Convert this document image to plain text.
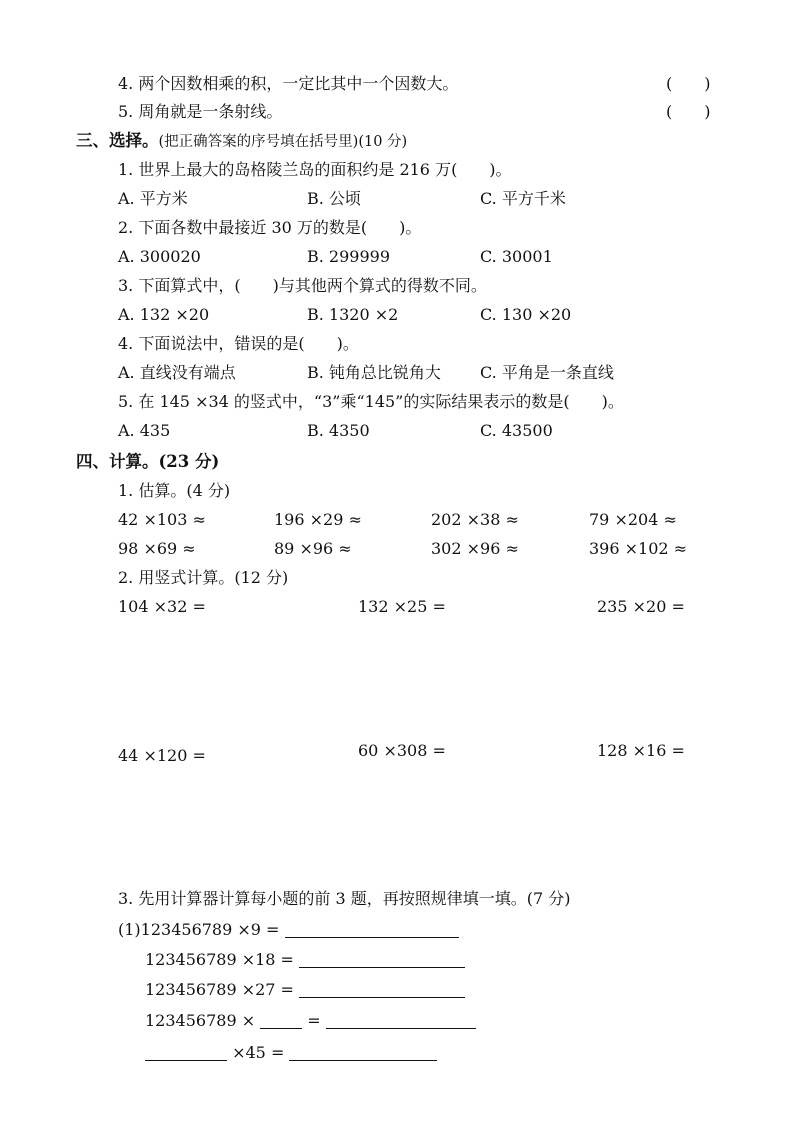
4. 两个因数相乘的积，一定比其中一个因数大。	(　　)
5. 周角就是一条射线。	(　　)
三、选择。(把正确答案的序号填在括号里)(10 分)
1. 世界上最大的岛格陵兰岛的面积约是 216 万(　　)。
A. 平方米	B. 公顷	C. 平方千米
2. 下面各数中最接近 30 万的数是(　　)。
A. 300020	B. 299999	C. 30001
3. 下面算式中，(　　)与其他两个算式的得数不同。
A. 132 ×20	B. 1320 ×2	C. 130 ×20
4. 下面说法中，错误的是(　　)。
A. 直线没有端点	B. 钝角总比锐角大 C. 平角是一条直线
5. 在 145 ×34 的竖式中，“3”乘“145”的实际结果表示的数是(　　)。
A. 435	B. 4350	C. 43500
四、计算。(23 分)
1. 估算。(4 分)
42 ×103 ≈	196 ×29 ≈	202 ×38 ≈	79 ×204 ≈
98 ×69 ≈	89 ×96 ≈	302 ×96 ≈	396 ×102 ≈
2. 用竖式计算。(12 分)
104 ×32 =	132 ×25 =	235 ×20 =
44 ×120 =	60 ×308 =	128 ×16 =
3. 先用计算器计算每小题的前 3 题，再按照规律填一填。(7 分)
(1)123456789 ×9 =
123456789 ×18 =
123456789 ×27 =
123456789 ×	=
×45 =
